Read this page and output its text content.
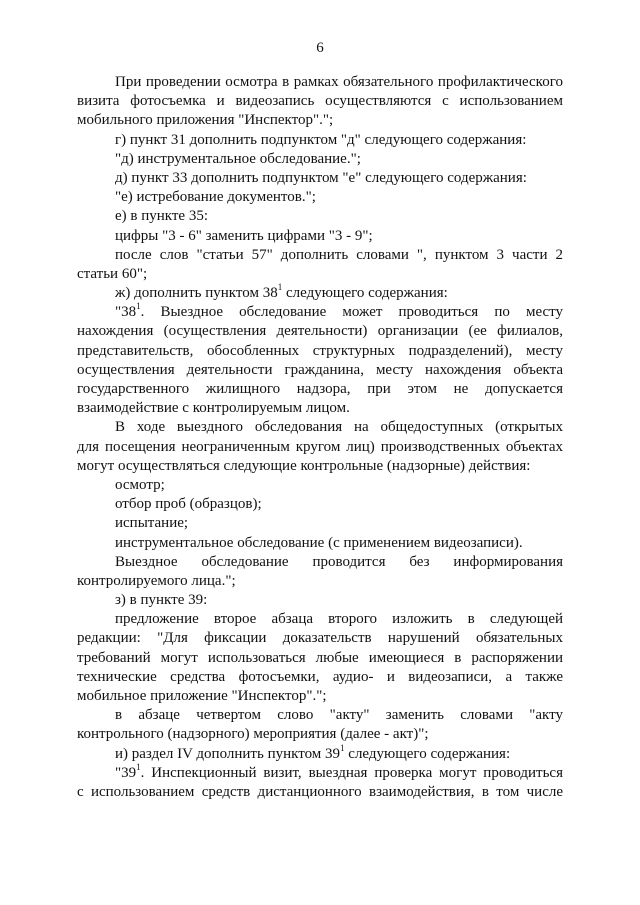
6
При проведении осмотра в рамках обязательного профилактического
визита фотосъемка и видеозапись осуществляются с использованием
мобильного приложения "Инспектор".";
г) пункт 31 дополнить подпунктом "д" следующего содержания:
"д) инструментальное обследование.";
д) пункт 33 дополнить подпунктом "е" следующего содержания:
"е) истребование документов.";
е) в пункте 35:
цифры "3 - 6" заменить цифрами "3 - 9";
после слов "статьи 57" дополнить словами ", пунктом 3 части 2
статьи 60";
ж) дополнить пунктом $38^1$ следующего содержания:
"$38^1$. Выездное обследование может проводиться по месту
нахождения (осуществления деятельности) организации (ее филиалов,
представительств, обособленных структурных подразделений), месту
осуществления деятельности гражданина, месту нахождения объекта
государственного жилищного надзора, при этом не допускается
взаимодействие с контролируемым лицом.
В ходе выездного обследования на общедоступных (открытых
для посещения неограниченным кругом лиц) производственных объектах
могут осуществляться следующие контрольные (надзорные) действия:
осмотр;
отбор проб (образцов);
испытание;
инструментальное обследование (с применением видеозаписи).
Выездное обследование проводится без информирования
контролируемого лица.";
з) в пункте 39:
предложение второе абзаца второго изложить в следующей
редакции: "Для фиксации доказательств нарушений обязательных
требований могут использоваться любые имеющиеся в распоряжении
технические средства фотосъемки, аудио- и видеозаписи, а также
мобильное приложение "Инспектор".";
в абзаце четвертом слово "акту" заменить словами "акту
контрольного (надзорного) мероприятия (далее - акт)";
и) раздел IV дополнить пунктом $39^1$ следующего содержания:
"$39^1$. Инспекционный визит, выездная проверка могут проводиться
с использованием средств дистанционного взаимодействия, в том числе
